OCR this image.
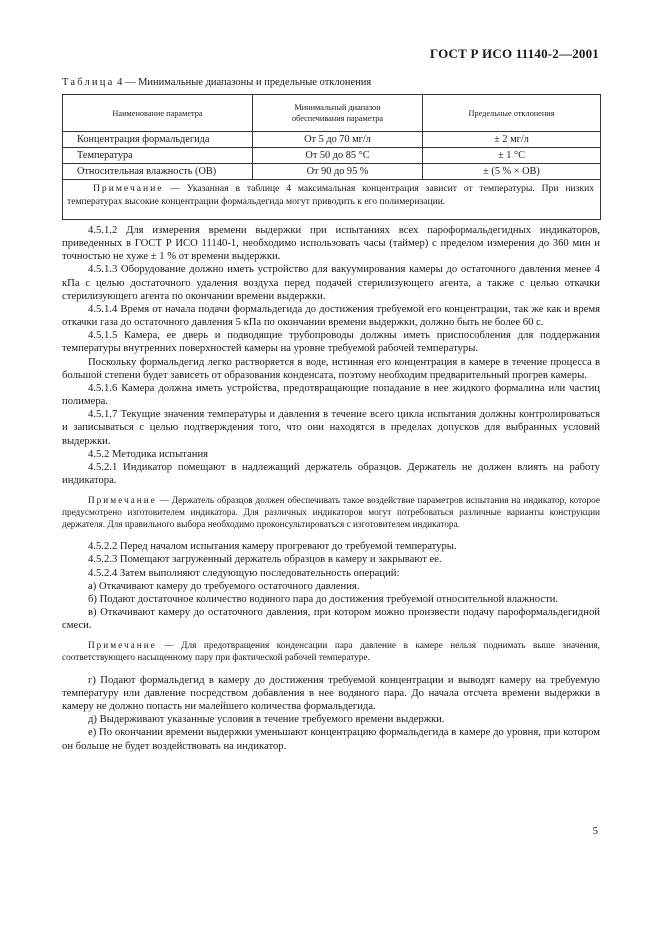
ГОСТ Р ИСО 11140-2—2001
Таблица 4 — Минимальные диапазоны и предельные отклонения
Наименование параметра	Минимальный диапазон обеспечивания параметра	Предельные отклонения
Концентрация формальдегида	От 5 до 70 мг/л	± 2 мг/л
Температура	От 50 до 85 °С	± 1 °С
Относительная влажность (ОВ)	От 90 до 95 %	± (5 % × ОВ)
Примечание — Указанная в таблице 4 максимальная концентрация зависит от температуры. При низких температурах высокие концентрации формальдегида могут приводить к его полимеризации.		

4.5.1.2 Для измерения времени выдержки при испытаниях всех пароформальдегидных индикаторов, приведенных в ГОСТ Р ИСО 11140-1, необходимо использовать часы (таймер) с пределом измерения до 360 мин и точностью не хуже ± 1 % от времени выдержки.

4.5.1.3 Оборудование должно иметь устройство для вакуумирования камеры до остаточного давления менее 4 кПа с целью достаточного удаления воздуха перед подачей стерилизующего агента, а также с целью откачки стерилизующего агента по окончании времени выдержки.

4.5.1.4 Время от начала подачи формальдегида до достижения требуемой его концентрации, так же как и время откачки газа до остаточного давления 5 кПа по окончании времени выдержки, должно быть не более 60 с.

4.5.1.5 Камера, ее дверь и подводящие трубопроводы должны иметь приспособления для поддержания температуры внутренних поверхностей камеры на уровне требуемой рабочей температуры.

Поскольку формальдегид легко растворяется в воде, истинная его концентрация в камере в течение процесса в большой степени будет зависеть от образования конденсата, поэтому необходим предварительный прогрев камеры.

4.5.1.6 Камера должна иметь устройства, предотвращающие попадание в нее жидкого формалина или частиц полимера.

4.5.1.7 Текущие значения температуры и давления в течение всего цикла испытания должны контролироваться и записываться с целью подтверждения того, что они находятся в пределах допусков для выбранных условий выдержки.

4.5.2 Методика испытания

4.5.2.1 Индикатор помещают в надлежащий держатель образцов. Держатель не должен влиять на работу индикатора.

Примечание — Держатель образцов должен обеспечивать такое воздействие параметров испытания на индикатор, которое предусмотрено изготовителем индикатора. Для различных индикаторов могут потребоваться различные варианты конструкции держателя. Для правильного выбора необходимо проконсультироваться с изготовителем индикатора.

4.5.2.2 Перед началом испытания камеру прогревают до требуемой температуры.

4.5.2.3 Помещают загруженный держатель образцов в камеру и закрывают ее.

4.5.2.4 Затем выполняют следующую последовательность операций:

а) Откачивают камеру до требуемого остаточного давления.

б) Подают достаточное количество водяного пара до достижения требуемой относительной влажности.

в) Откачивают камеру до остаточного давления, при котором можно произвести подачу пароформальдегидной смеси.

Примечание — Для предотвращения конденсации пара давление в камере нельзя поднимать выше значения, соответствующего насыщенному пару при фактической рабочей температуре.

г) Подают формальдегид в камеру до достижения требуемой концентрации и выводят камеру на требуемую температуру или давление посредством добавления в нее водяного пара. До начала отсчета времени выдержки в камеру не должно попасть ни малейшего количества формальдегида.

д) Выдерживают указанные условия в течение требуемого времени выдержки.

е) По окончании времени выдержки уменьшают концентрацию формальдегида в камере до уровня, при котором он больше не будет воздействовать на индикатор.

5
